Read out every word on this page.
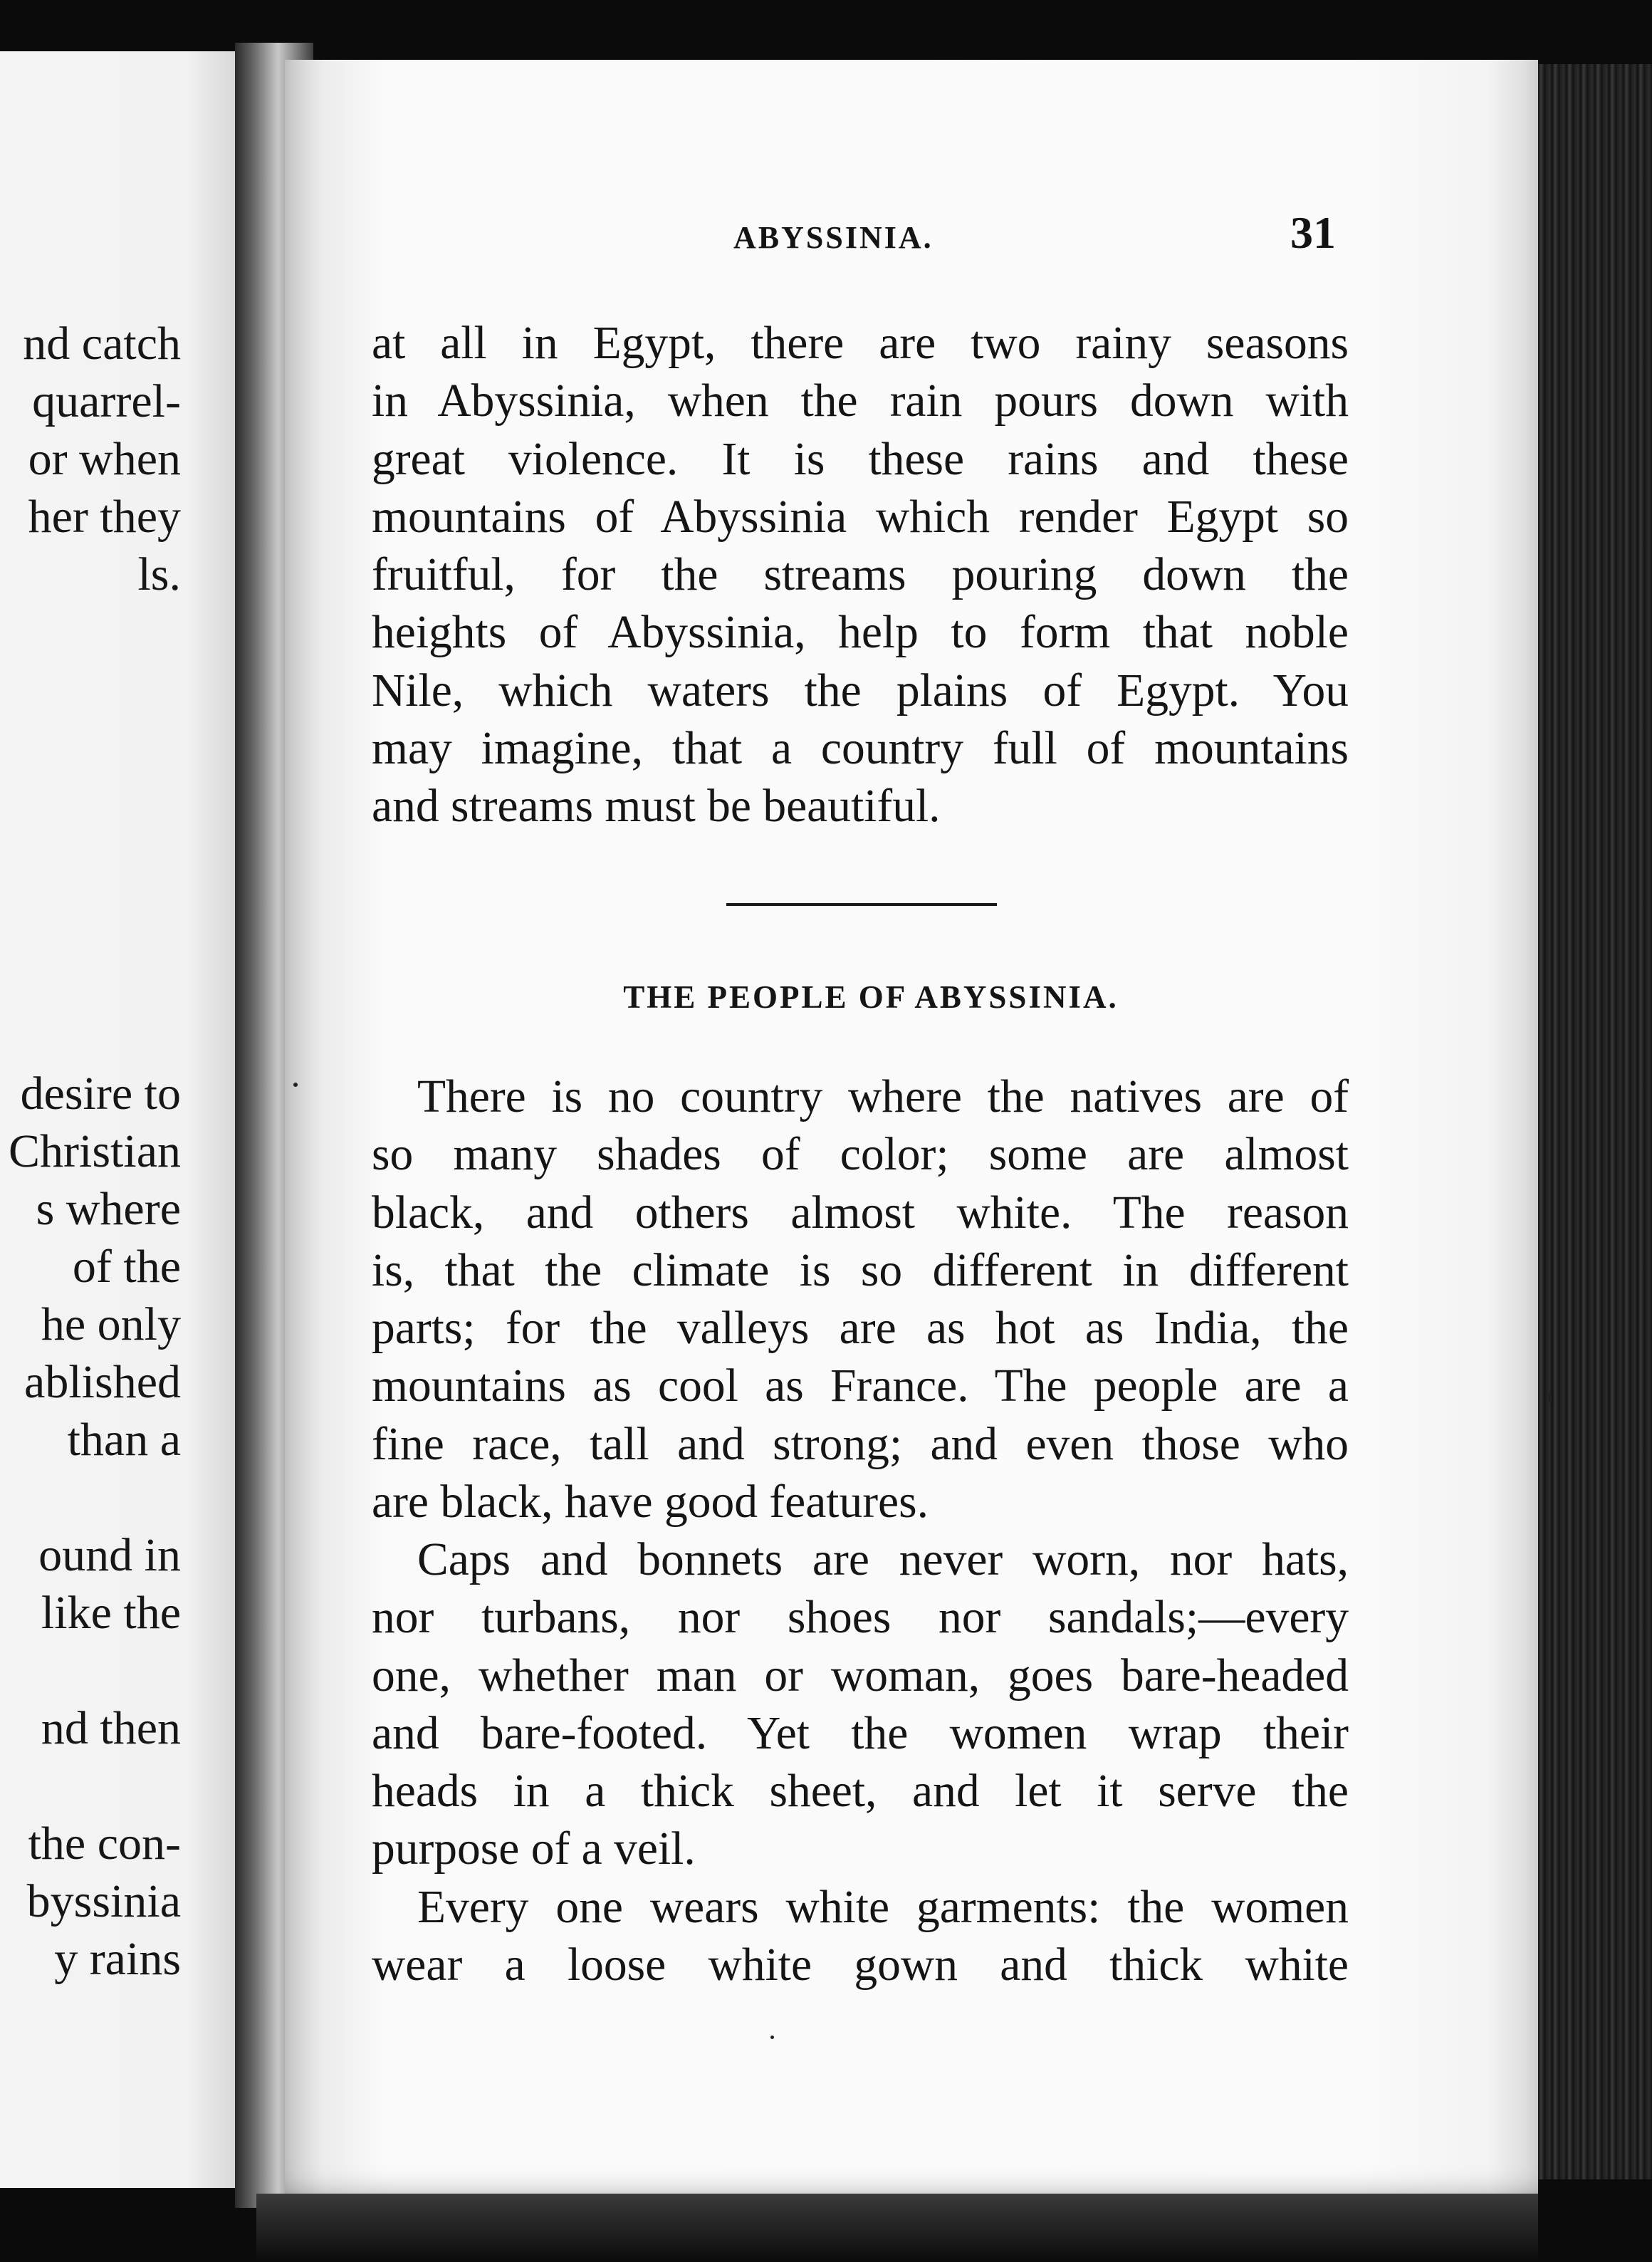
nd catch
quarrel-
or when
her they
ls.
desire to
Christian
s where
of the
he only
ablished
than a
ound in
like the
nd then
the con-
byssinia
y rains
ABYSSINIA.	31
at all in Egypt, there are two rainy seasons
in Abyssinia, when the rain pours down with
great violence. It is these rains and these
mountains of Abyssinia which render Egypt so
fruitful, for the streams pouring down the
heights of Abyssinia, help to form that noble
Nile, which waters the plains of Egypt. You
may imagine, that a country full of mountains
and streams must be beautiful.
THE PEOPLE OF ABYSSINIA.
There is no country where the natives are of
so many shades of color; some are almost
black, and others almost white. The reason
is, that the climate is so different in different
parts; for the valleys are as hot as India, the
mountains as cool as France. The people are a
fine race, tall and strong; and even those who
are black, have good features.
Caps and bonnets are never worn, nor hats,
nor turbans, nor shoes nor sandals;—every
one, whether man or woman, goes bare-headed
and bare-footed. Yet the women wrap their
heads in a thick sheet, and let it serve the
purpose of a veil.
Every one wears white garments: the women
wear a loose white gown and thick white
